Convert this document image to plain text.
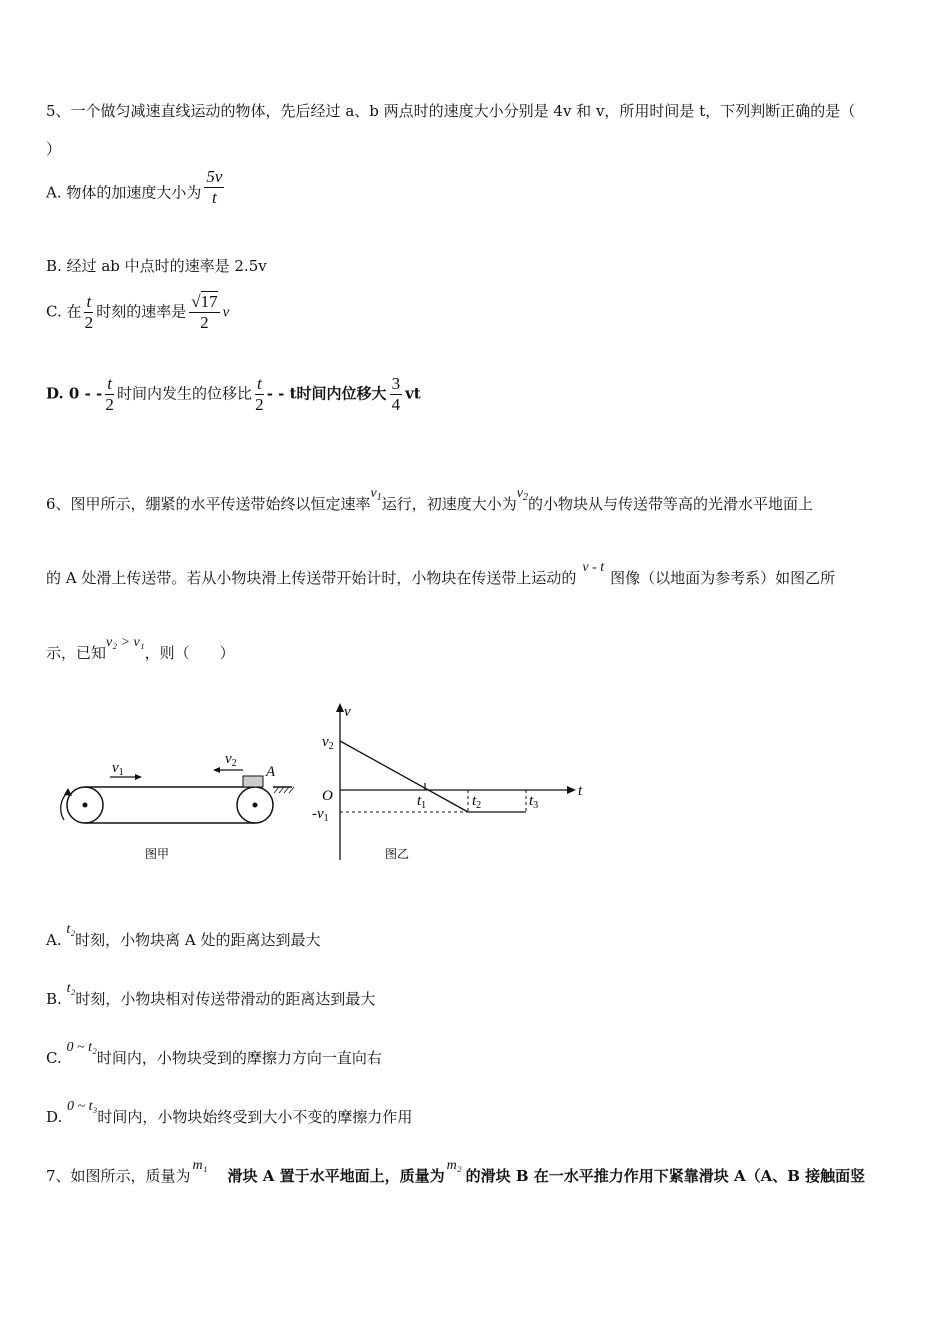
5、一个做匀减速直线运动的物体，先后经过 a、b 两点时的速度大小分别是 4v 和 v，所用时间是 t，下列判断正确的是（
）
A. 物体的加速度大小为 $\frac{5v}{t}$
B. 经过 ab 中点时的速率是 2.5v
C. 在 $\frac{t}{2}$ 时刻的速率是 $\frac{√17}{2}$ v
D. 0 - - $\frac{t}{2}$ 时间内发生的位移比 $\frac{t}{2}$ - - t时间内位移大 $\frac{3}{4}$ vt
6、图甲所示，绷紧的水平传送带始终以恒定速率$v_1$运行，初速度大小为$v_2$的小物块从与传送带等高的光滑水平地面上
的 A 处滑上传送带。若从小物块滑上传送带开始计时，小物块在传送带上运动的v - t图像（以地面为参考系）如图乙所
示，已知v₂ > v₁，则（　　）
$v_1$
$v_2$
A
图甲
v
t
$v_2$
O
$-v_1$
$t_1$	$t_2$	$t_3$
图乙
A. t₂时刻，小物块离 A 处的距离达到最大
B. t₂时刻，小物块相对传送带滑动的距离达到最大
C. 0 ~ t₂时间内，小物块受到的摩擦力方向一直向右
D. 0 ~ t₃时间内，小物块始终受到大小不变的摩擦力作用
7、如图所示，质量为m₁滑块 A 置于水平地面上，质量为m₂的滑块 B 在一水平推力作用下紧靠滑块 A（A、B 接触面竖
